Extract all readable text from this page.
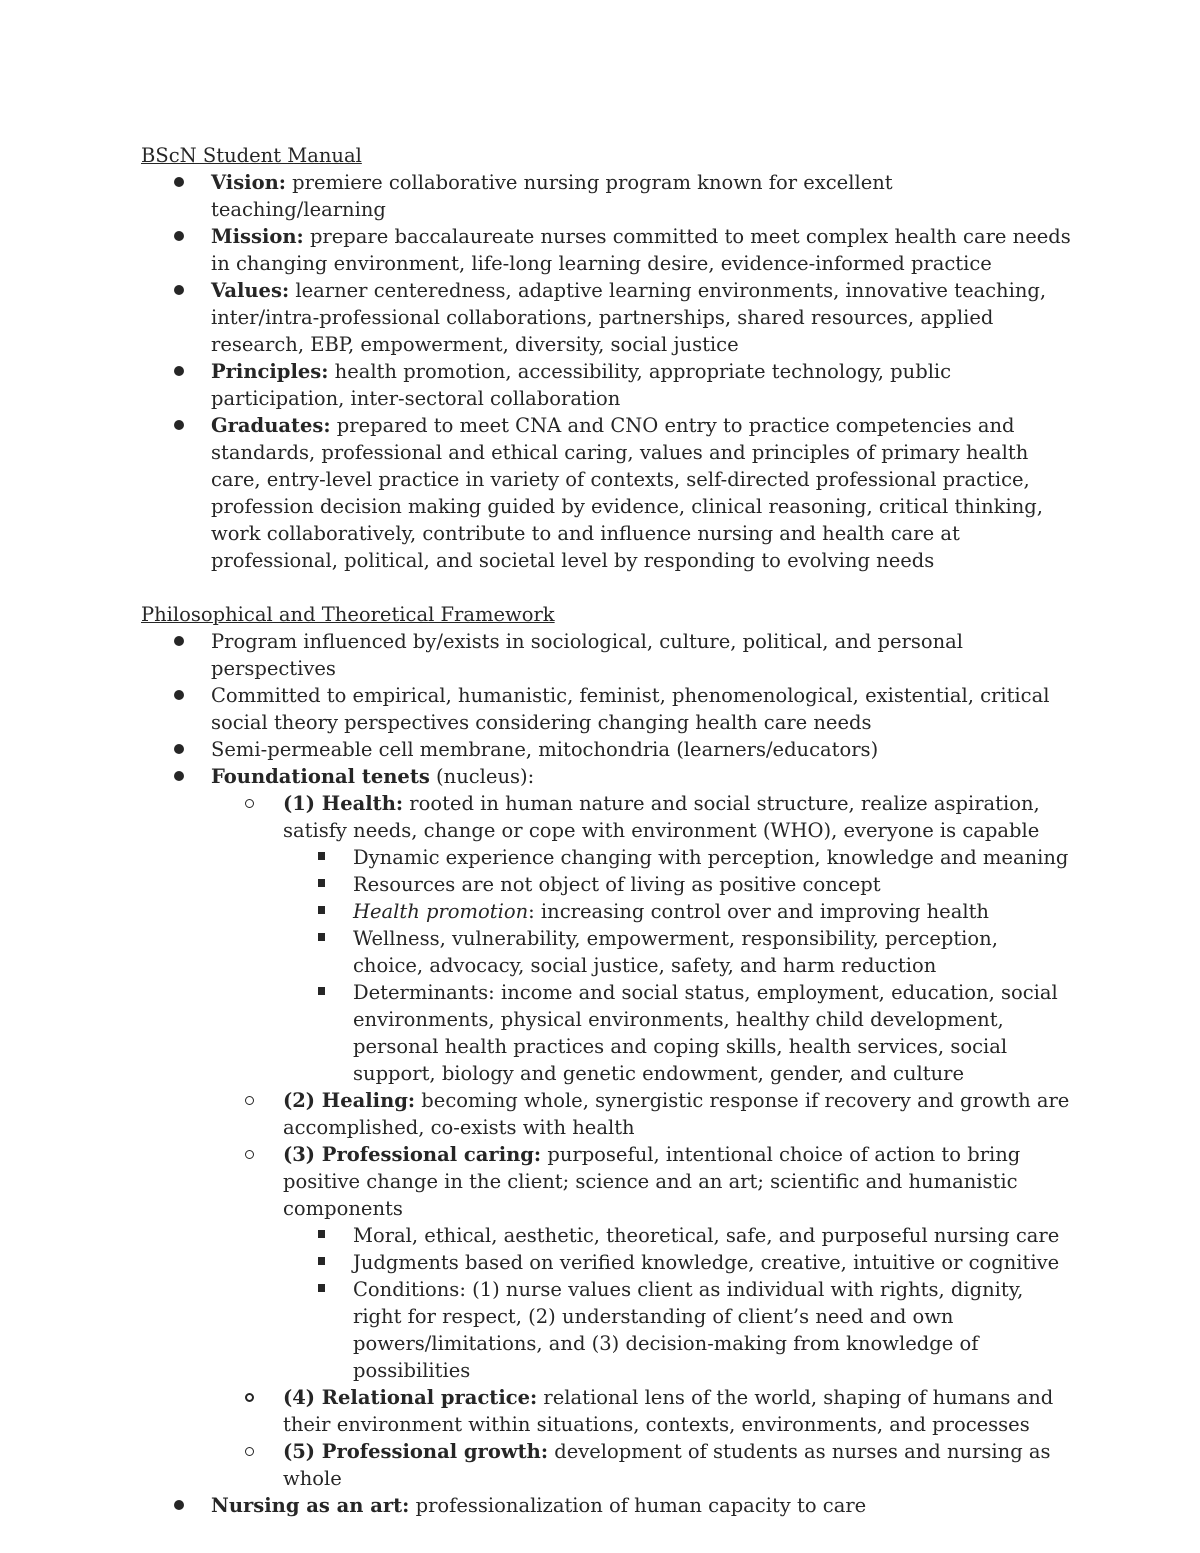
BScN Student Manual

Vision: premiere collaborative nursing program known for excellent teaching/learning
Mission: prepare baccalaureate nurses committed to meet complex health care needs in changing environment, life-long learning desire, evidence-informed practice
Values: learner centeredness, adaptive learning environments, innovative teaching, inter/intra-professional collaborations, partnerships, shared resources, applied research, EBP, empowerment, diversity, social justice
Principles: health promotion, accessibility, appropriate technology, public participation, inter-sectoral collaboration
Graduates: prepared to meet CNA and CNO entry to practice competencies and standards, professional and ethical caring, values and principles of primary health care, entry-level practice in variety of contexts, self-directed professional practice, profession decision making guided by evidence, clinical reasoning, critical thinking, work collaboratively, contribute to and influence nursing and health care at professional, political, and societal level by responding to evolving needs

Philosophical and Theoretical Framework

Program influenced by/exists in sociological, culture, political, and personal perspectives
Committed to empirical, humanistic, feminist, phenomenological, existential, critical social theory perspectives considering changing health care needs
Semi-permeable cell membrane, mitochondria (learners/educators)
Foundational tenets (nucleus):
(1) Health: rooted in human nature and social structure, realize aspiration, satisfy needs, change or cope with environment (WHO), everyone is capable
Dynamic experience changing with perception, knowledge and meaning
Resources are not object of living as positive concept
Health promotion: increasing control over and improving health
Wellness, vulnerability, empowerment, responsibility, perception, choice, advocacy, social justice, safety, and harm reduction
Determinants: income and social status, employment, education, social environments, physical environments, healthy child development, personal health practices and coping skills, health services, social support, biology and genetic endowment, gender, and culture
(2) Healing: becoming whole, synergistic response if recovery and growth are accomplished, co-exists with health
(3) Professional caring: purposeful, intentional choice of action to bring positive change in the client; science and an art; scientific and humanistic components
Moral, ethical, aesthetic, theoretical, safe, and purposeful nursing care
Judgments based on verified knowledge, creative, intuitive or cognitive
Conditions: (1) nurse values client as individual with rights, dignity, right for respect, (2) understanding of client’s need and own powers/limitations, and (3) decision-making from knowledge of possibilities
(4) Relational practice: relational lens of the world, shaping of humans and their environment within situations, contexts, environments, and processes
(5) Professional growth: development of students as nurses and nursing as whole
Nursing as an art: professionalization of human capacity to care
